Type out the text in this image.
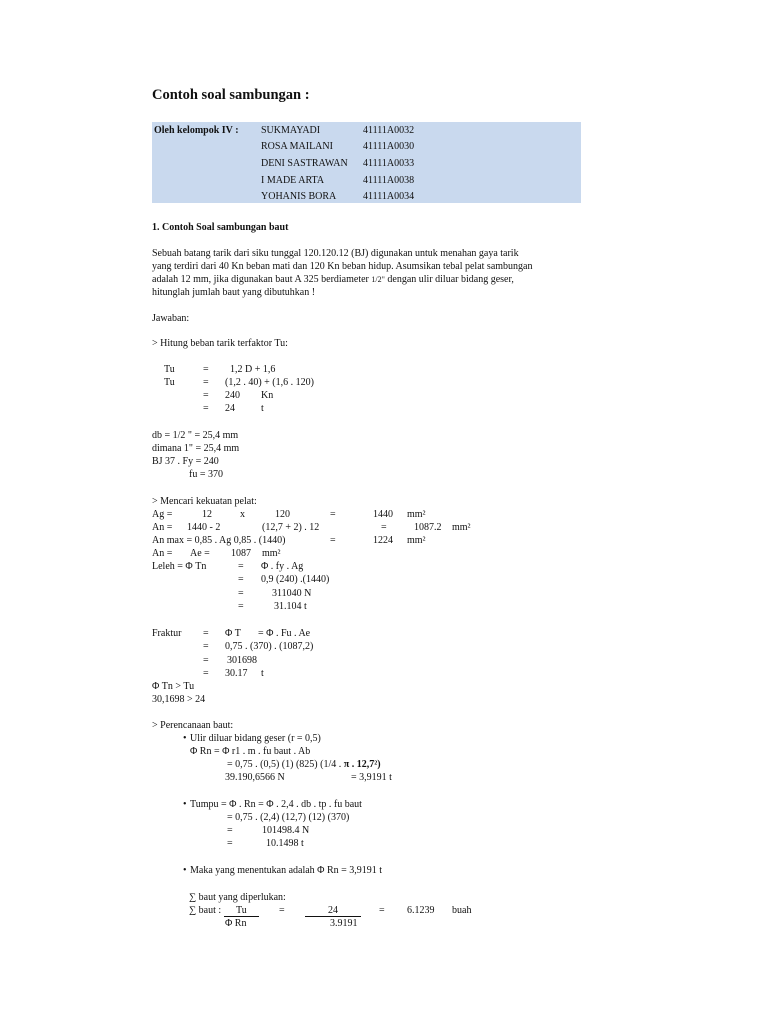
Contoh soal sambungan :
Oleh kelompok IV : SUKMAYADI	41111A0032
ROSA MAILANI	41111A0030
DENI SASTRAWAN 41111A0033
I MADE ARTA	41111A0038
YOHANIS BORA	41111A0034
1. Contoh Soal sambungan baut
Sebuah batang tarik dari siku tunggal 120.120.12 (BJ) digunakan untuk menahan gaya tarik
yang terdiri dari 40 Kn beban mati dan 120 Kn beban hidup. Asumsikan tebal pelat sambungan
adalah 12 mm, jika digunakan baut A 325 berdiameter 1/2" dengan ulir diluar bidang geser,
hitunglah jumlah baut yang dibutuhkan !
Jawaban:
> Hitung beban tarik terfaktor Tu:
Tu	= 1,2 D + 1,6
Tu	= (1,2 . 40) + (1,6 . 120)
= 240 Kn
= 24	t
db = 1/2 " = 25,4 mm
dimana 1" = 25,4 mm
BJ 37 . Fy = 240
fu = 370
> Mencari kekuatan pelat:
Ag =	12	x	120	=	1440 mm²
An = 1440 - 2	(12,7 + 2) . 12	=	1087.2 mm²
An max = 0,85 . Ag 0,85 . (1440)	=	1224 mm²
An = Ae = 1087 mm²
Leleh = Φ Tn	= Φ . fy . Ag
= 0,9 (240) .(1440)
=	311040 N
=	31.104 t
Fraktur = Φ T = Φ . Fu . Ae
= 0,75 . (370) . (1087,2)
= 301698
= 30.17 t
Φ Tn > Tu
30,1698 > 24
> Perencanaan baut:
• Ulir diluar bidang geser (r = 0,5)
Φ Rn = Φ r1 . m . fu baut . Ab
= 0,75 . (0,5) (1) (825) (1/4 . π . 12,7²)
39.190,6566 N	= 3,9191 t
• Tumpu = Φ . Rn = Φ . 2,4 . db . tp . fu baut
= 0,75 . (2,4) (12,7) (12) (370)
=	101498.4 N
=	10.1498 t
• Maka yang menentukan adalah Φ Rn = 3,9191 t
∑ baut yang diperlukan:
∑ baut : Tu	=	24	= 6.1239 buah
Φ Rn	3.9191
